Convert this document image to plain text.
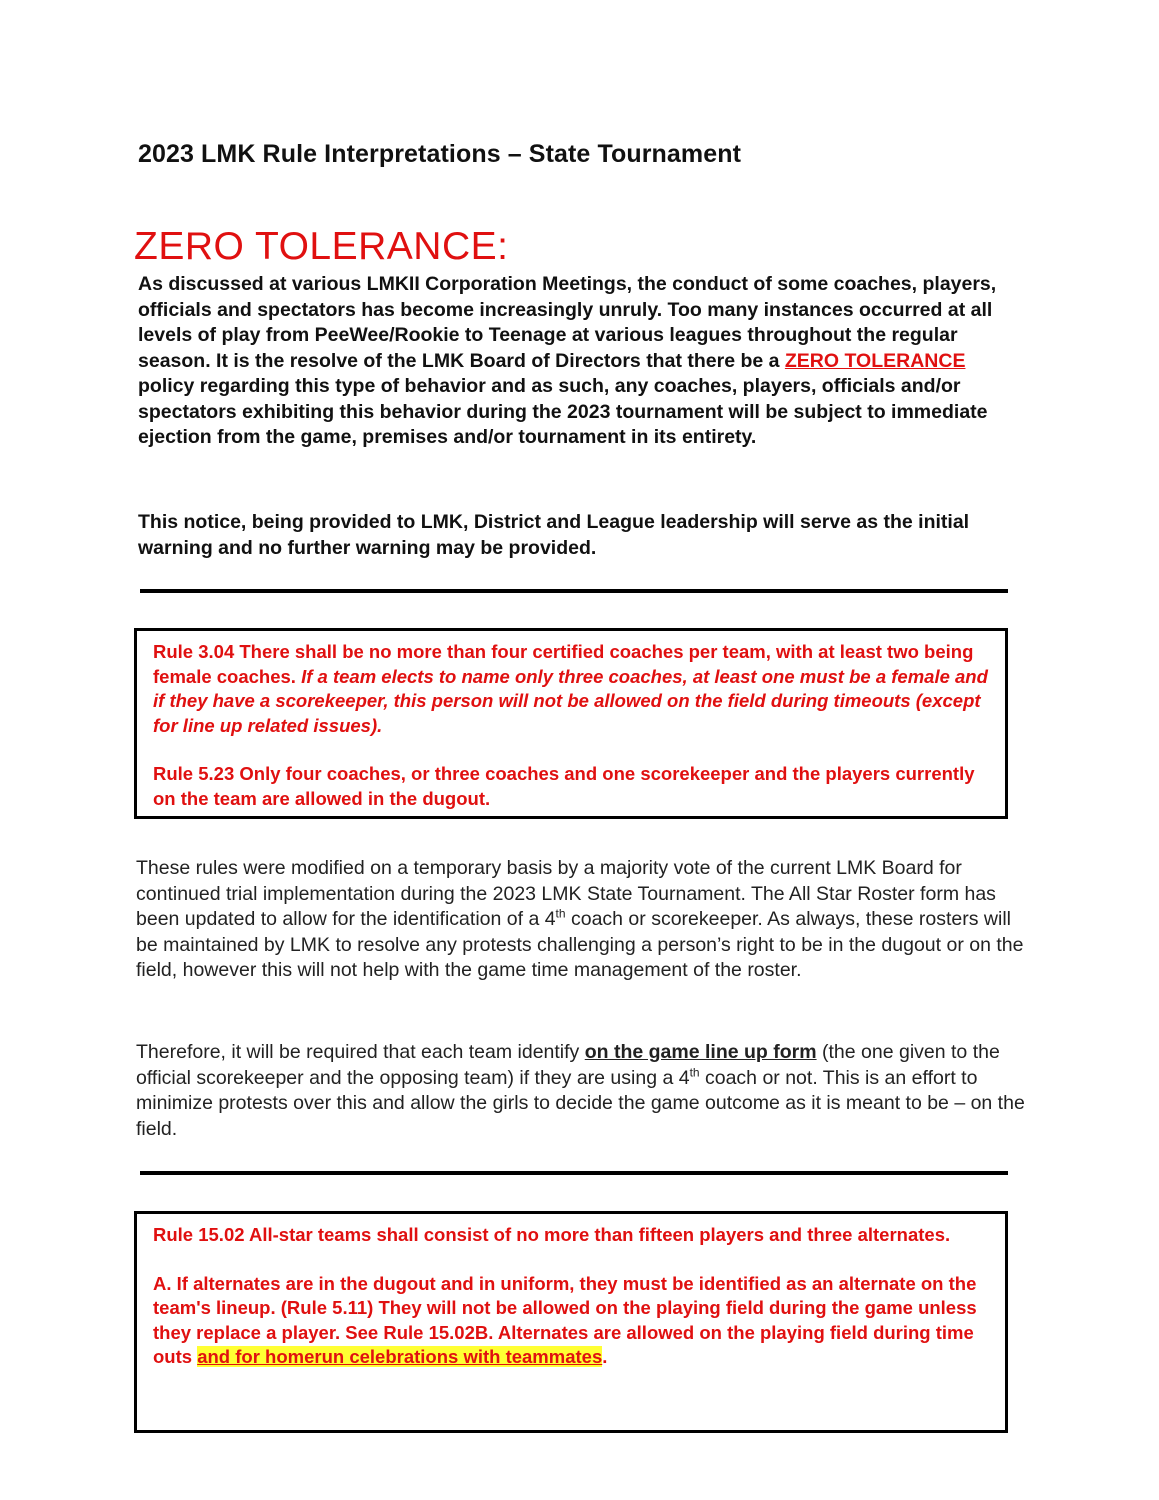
2023 LMK Rule Interpretations – State Tournament
ZERO TOLERANCE:
As discussed at various LMKII Corporation Meetings, the conduct of some coaches, players, officials and spectators has become increasingly unruly. Too many instances occurred at all levels of play from PeeWee/Rookie to Teenage at various leagues throughout the regular season. It is the resolve of the LMK Board of Directors that there be a ZERO TOLERANCE policy regarding this type of behavior and as such, any coaches, players, officials and/or spectators exhibiting this behavior during the 2023 tournament will be subject to immediate ejection from the game, premises and/or tournament in its entirety.
This notice, being provided to LMK, District and League leadership will serve as the initial warning and no further warning may be provided.
Rule 3.04 There shall be no more than four certified coaches per team, with at least two being female coaches. If a team elects to name only three coaches, at least one must be a female and if they have a scorekeeper, this person will not be allowed on the field during timeouts (except for line up related issues).
Rule 5.23 Only four coaches, or three coaches and one scorekeeper and the players currently on the team are allowed in the dugout.
These rules were modified on a temporary basis by a majority vote of the current LMK Board for continued trial implementation during the 2023 LMK State Tournament. The All Star Roster form has been updated to allow for the identification of a 4th coach or scorekeeper. As always, these rosters will be maintained by LMK to resolve any protests challenging a person’s right to be in the dugout or on the field, however this will not help with the game time management of the roster.
Therefore, it will be required that each team identify on the game line up form (the one given to the official scorekeeper and the opposing team) if they are using a 4th coach or not. This is an effort to minimize protests over this and allow the girls to decide the game outcome as it is meant to be – on the field.
Rule 15.02 All-star teams shall consist of no more than fifteen players and three alternates.
A. If alternates are in the dugout and in uniform, they must be identified as an alternate on the team's lineup. (Rule 5.11) They will not be allowed on the playing field during the game unless they replace a player. See Rule 15.02B. Alternates are allowed on the playing field during time outs and for homerun celebrations with teammates.
